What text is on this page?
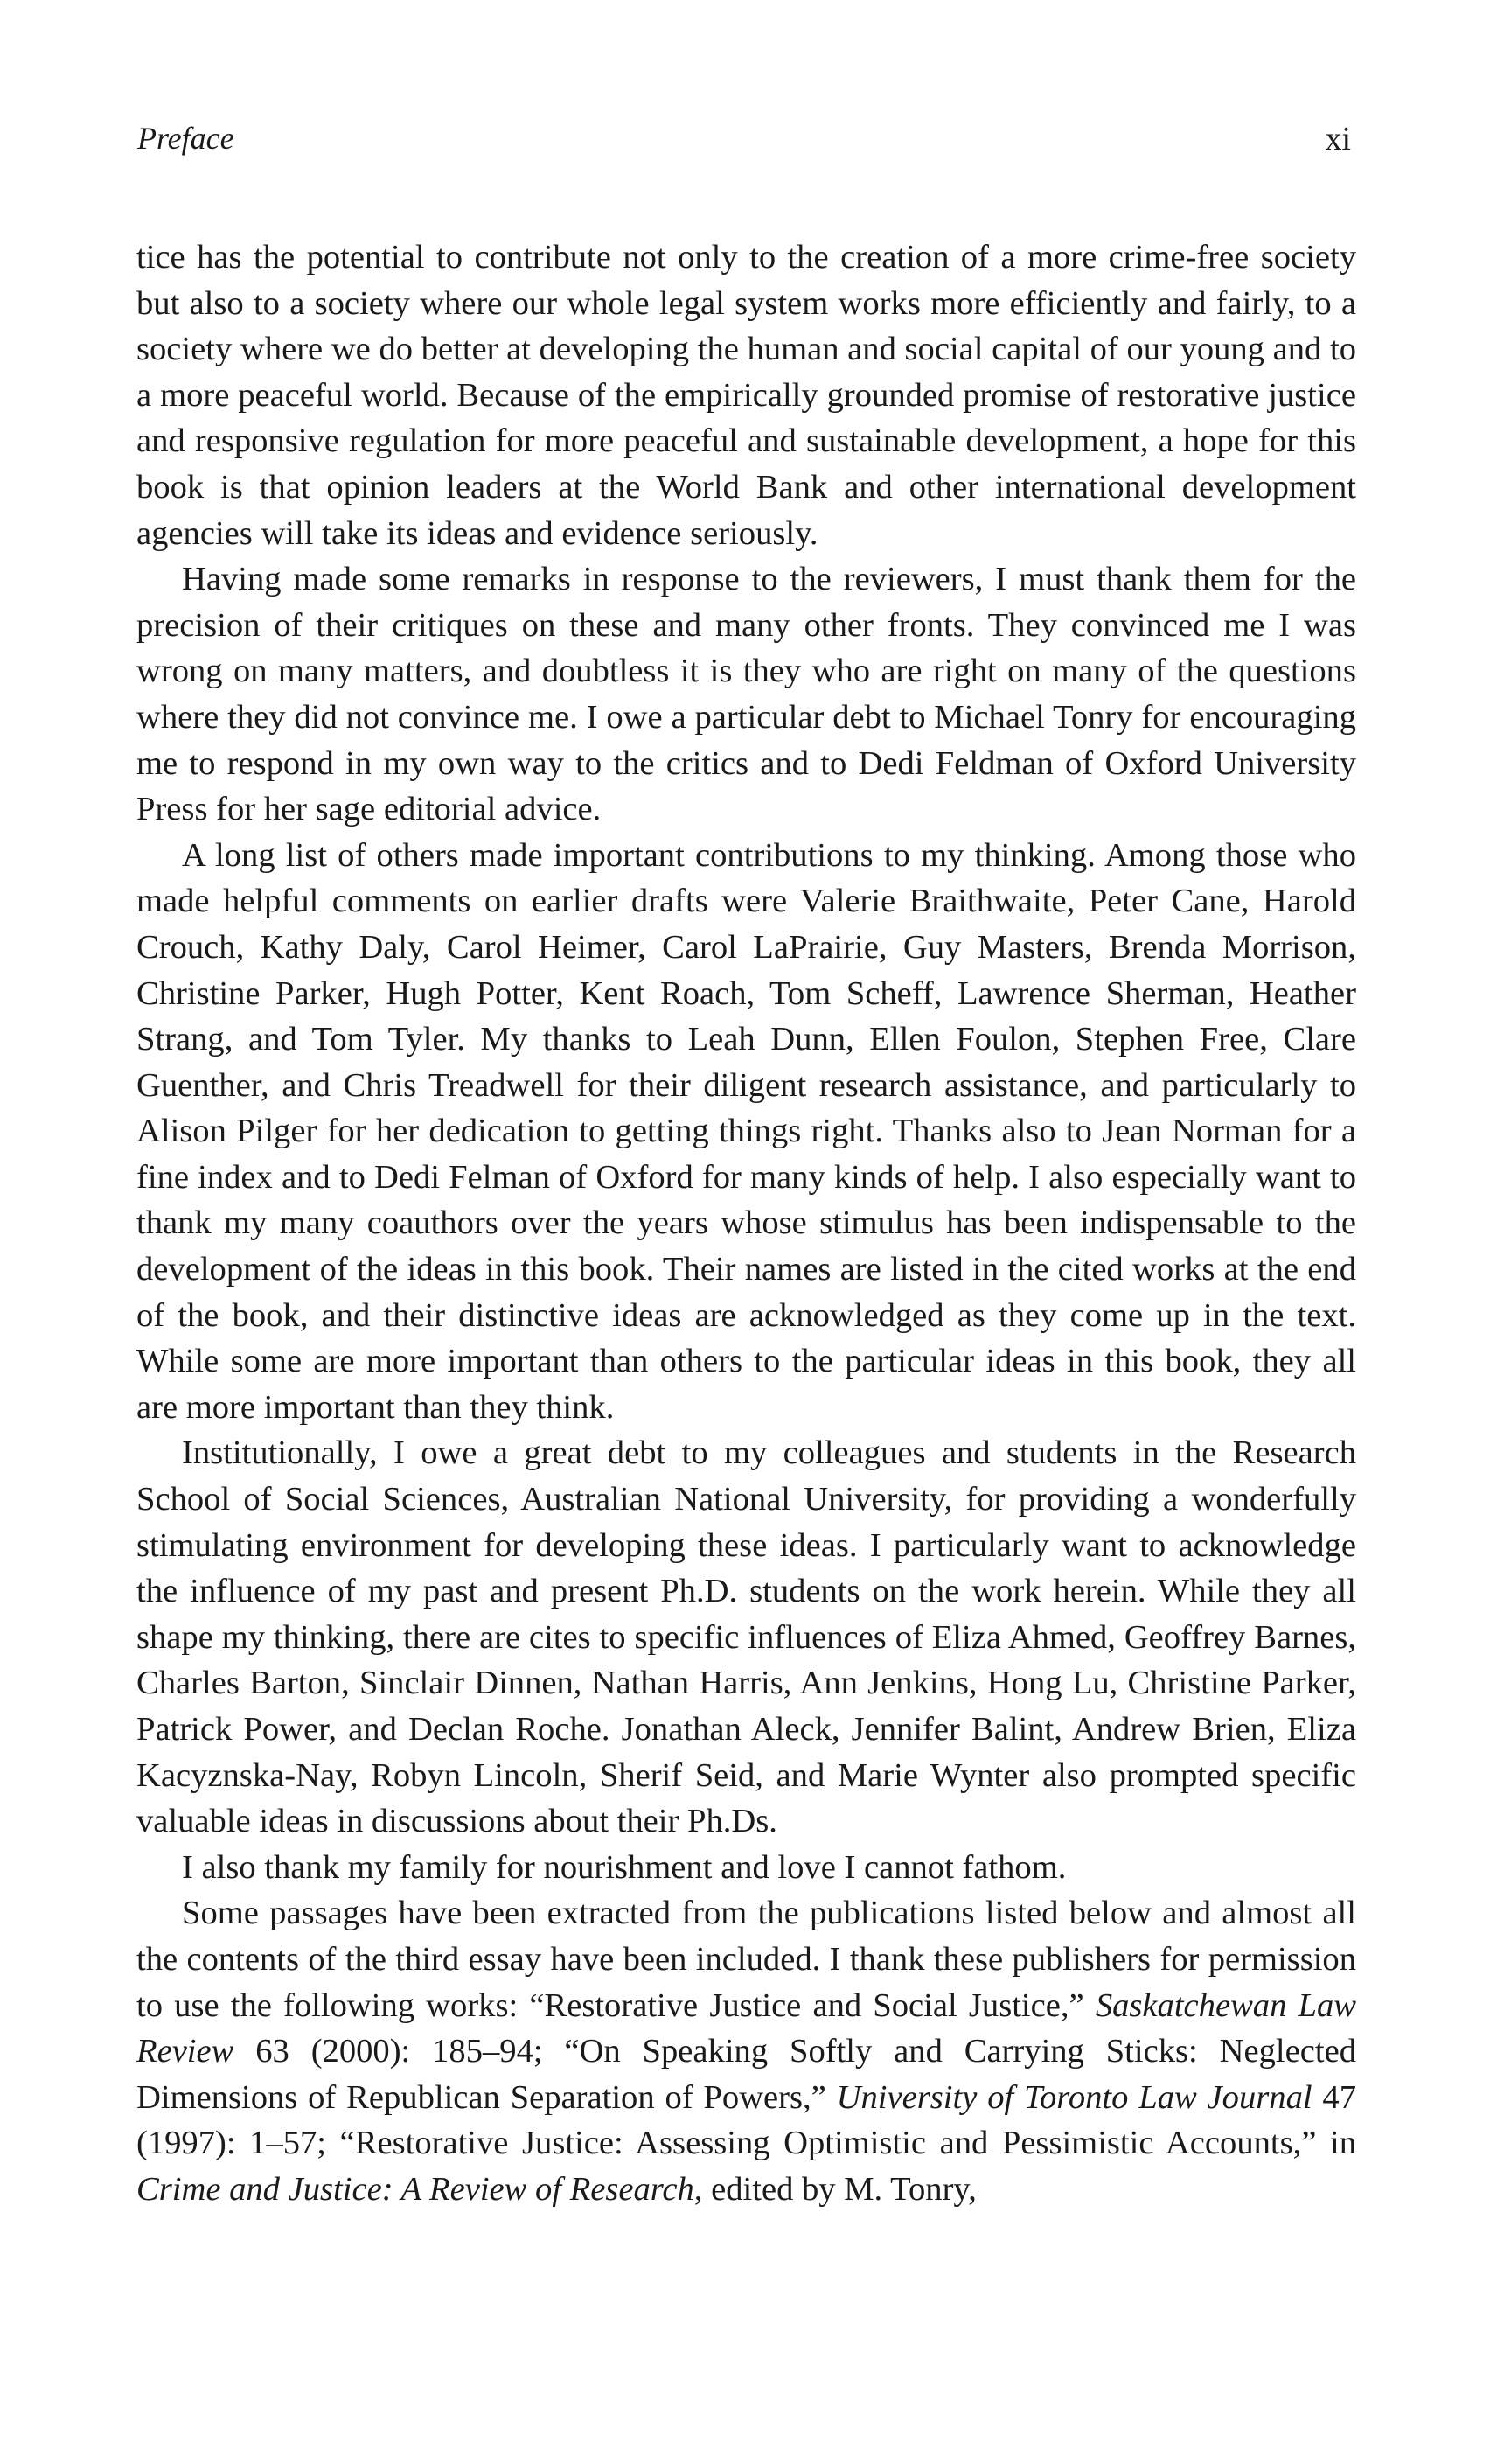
Preface	xi

tice has the potential to contribute not only to the creation of a more crime-free society but also to a society where our whole legal system works more efficiently and fairly, to a society where we do better at developing the human and social capital of our young and to a more peaceful world. Because of the empirically grounded promise of restorative justice and responsive regulation for more peaceful and sustainable development, a hope for this book is that opinion leaders at the World Bank and other international development agencies will take its ideas and evidence seriously.

Having made some remarks in response to the reviewers, I must thank them for the precision of their critiques on these and many other fronts. They convinced me I was wrong on many matters, and doubtless it is they who are right on many of the questions where they did not convince me. I owe a particular debt to Michael Tonry for encouraging me to respond in my own way to the critics and to Dedi Feldman of Oxford University Press for her sage editorial advice.

A long list of others made important contributions to my thinking. Among those who made helpful comments on earlier drafts were Valerie Braithwaite, Peter Cane, Harold Crouch, Kathy Daly, Carol Heimer, Carol LaPrairie, Guy Masters, Brenda Morrison, Christine Parker, Hugh Potter, Kent Roach, Tom Scheff, Lawrence Sherman, Heather Strang, and Tom Tyler. My thanks to Leah Dunn, Ellen Foulon, Stephen Free, Clare Guenther, and Chris Treadwell for their diligent research assistance, and particularly to Alison Pilger for her dedication to getting things right. Thanks also to Jean Norman for a fine index and to Dedi Felman of Oxford for many kinds of help. I also especially want to thank my many coauthors over the years whose stimulus has been indispensable to the development of the ideas in this book. Their names are listed in the cited works at the end of the book, and their distinctive ideas are acknowledged as they come up in the text. While some are more important than others to the particular ideas in this book, they all are more important than they think.

Institutionally, I owe a great debt to my colleagues and students in the Research School of Social Sciences, Australian National University, for providing a wonderfully stimulating environment for developing these ideas. I particularly want to acknowledge the influence of my past and present Ph.D. students on the work herein. While they all shape my thinking, there are cites to specific influences of Eliza Ahmed, Geoffrey Barnes, Charles Barton, Sinclair Dinnen, Nathan Harris, Ann Jenkins, Hong Lu, Christine Parker, Patrick Power, and Declan Roche. Jonathan Aleck, Jennifer Balint, Andrew Brien, Eliza Kacyznska-Nay, Robyn Lincoln, Sherif Seid, and Marie Wynter also prompted specific valuable ideas in discussions about their Ph.Ds.

I also thank my family for nourishment and love I cannot fathom.

Some passages have been extracted from the publications listed below and almost all the contents of the third essay have been included. I thank these publishers for permission to use the following works: “Restorative Justice and Social Justice,” Saskatchewan Law Review 63 (2000): 185–94; “On Speaking Softly and Carrying Sticks: Neglected Dimensions of Republican Separation of Powers,” University of Toronto Law Journal 47 (1997): 1–57; “Restorative Justice: Assessing Optimistic and Pessimistic Accounts,” in Crime and Justice: A Review of Research, edited by M. Tonry,
